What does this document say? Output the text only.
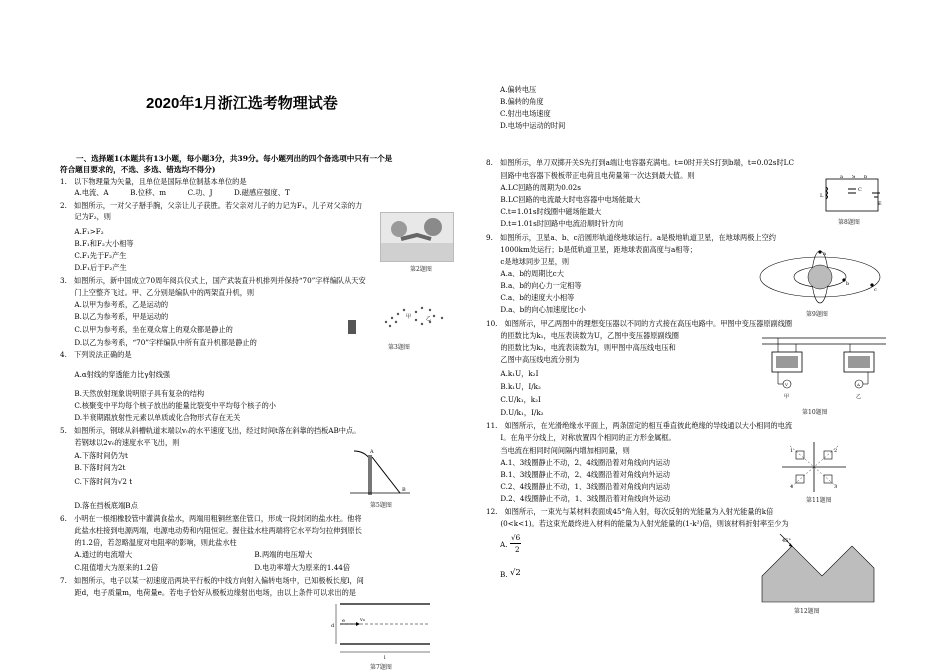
2020年1月浙江选考物理试卷
一、选择题1(本题共有13小题，每小题3分，共39分。每小题列出的四个备选项中只有一个是
符合题目要求的，不选、多选、错选均不得分)
1.　以下物理量为矢量，且单位是国际单位制基本单位的是
　　A.电流、A　　　B.位移、m　　　C.功、J　　　D.磁感应强度、T
2.　如图所示，一对父子掰手腕，父亲让儿子获胜。若父亲对儿子的力记为F₁，儿子对父亲的力
　　记为F₂，则
　　A.F₁>F₂
　　B.F₁和F₂大小相等
　　C.F₁先于F₂产生
　　D.F₁后于F₂产生
3.　如图所示，新中国成立70周年阅兵仪式上，国产武装直升机排列并保持“70”字样编队从天安
　　门上空整齐飞过。甲、乙分别是编队中的两架直升机，则
　　A.以甲为参考系，乙是运动的
　　B.以乙为参考系，甲是运动的
　　C.以甲为参考系，坐在观众席上的观众都是静止的
　　D.以乙为参考系，“70”字样编队中所有直升机都是静止的
4.　下列说法正确的是
　　A.α射线的穿透能力比γ射线强
　　B.天然放射现象说明原子具有复杂的结构
　　C.核聚变中平均每个核子放出的能量比裂变中平均每个核子的小
　　D.半衰期跟放射性元素以单质或化合物形式存在无关
5.　如图所示，钢球从斜槽轨道末端以v₀的水平速度飞出，经过时间t落在斜靠的挡板AB中点。
　　若钢球以2v₀的速度水平飞出，则
　　A.下落时间仍为t
　　B.下落时间为2t
　　C.下落时间为√2 t
　　D.落在挡板底端B点
6.　小明在一根细橡胶管中灌满食盐水，两端用粗铜丝塞住管口，形成一段封闭的盐水柱。他将
　　此盐水柱接到电源两端，电源电动势和内阻恒定。握住盐水柱两端将它水平均匀拉伸到原长
　　的1.2倍，若忽略温度对电阻率的影响，则此盐水柱
　　A.通过的电流增大	　　B.两端的电压增大
　　C.阻值增大为原来的1.2倍	　　D.电功率增大为原来的1.44倍
7.　如图所示，电子以某一初速度沿两块平行板的中线方向射入偏转电场中，已知极板长度l，间
　　距d，电子质量m，电荷量e。若电子恰好从极板边缘射出电场，由以上条件可以求出的是
A.偏转电压
B.偏转的角度
C.射出电场速度
D.电场中运动的时间
8.　如图所示，单刀双掷开关S先打到a端让电容器充满电。t=0时开关S打到b端，t=0.02s时LC
　　回路中电容器下极板带正电荷且电荷量第一次达到最大值。则
　　A.LC回路的周期为0.02s
　　B.LC回路的电流最大时电容器中电场能最大
　　C.t=1.01s时线圈中磁场能最大
　　D.t=1.01s时回路中电流沿顺时针方向
9.　如图所示，卫星a、b、c沿圆形轨道绕地球运行。a是极地轨道卫星，在地球两极上空约
　　1000km处运行；b是低轨道卫星，距地球表面高度与a相等；
　　c是地球同步卫星，则
　　A.a、b的周期比c大
　　B.a、b的向心力一定相等
　　C.a、b的速度大小相等
　　D.a、b的向心加速度比c小
10.　如图所示，甲乙两图中的理想变压器以不同的方式接在高压电路中。甲图中变压器原副线圈
　　的匝数比为k₁，电压表读数为U，乙图中变压器原副线圈
　　的匝数比为k₂，电流表读数为I，则甲图中高压线电压和
　　乙图中高压线电流分别为
　　A.k₁U，k₂I
　　B.k₁U，I/k₂
　　C.U/k₁，k₂I
　　D.U/k₁，I/k₂
11.　如图所示，在光滑绝缘水平面上，两条固定的相互垂直彼此绝缘的导线通以大小相同的电流
　　I。在角平分线上，对称放置四个相同的正方形金属框。
　　当电流在相同时间间隔内增加相同量，则
　　A.1、3线圈静止不动，2、4线圈沿着对角线向内运动
　　B.1、3线圈静止不动，2、4线圈沿着对角线向外运动
　　C.2、4线圈静止不动，1、3线圈沿着对角线向内运动
　　D.2、4线圈静止不动，1、3线圈沿着对角线向外运动
12.　如图所示，一束光与某材料表面成45°角入射，每次反射的光能量为入射光能量的k倍
　　(0<k<1)。若这束光最终进入材料的能量为入射光能量的(1-k²)倍，则该材料折射率至少为
A.
√6
2
B. √2
第2题图
甲	乙
第3题图
A
B
第5题图
d
e	v₀
l
第7题图
L
C
E
a	b
S
第8题图
a
b
c
第9题图
V	A
甲	乙
第10题图
1	2
3
4
第11题图
45°
第12题图
